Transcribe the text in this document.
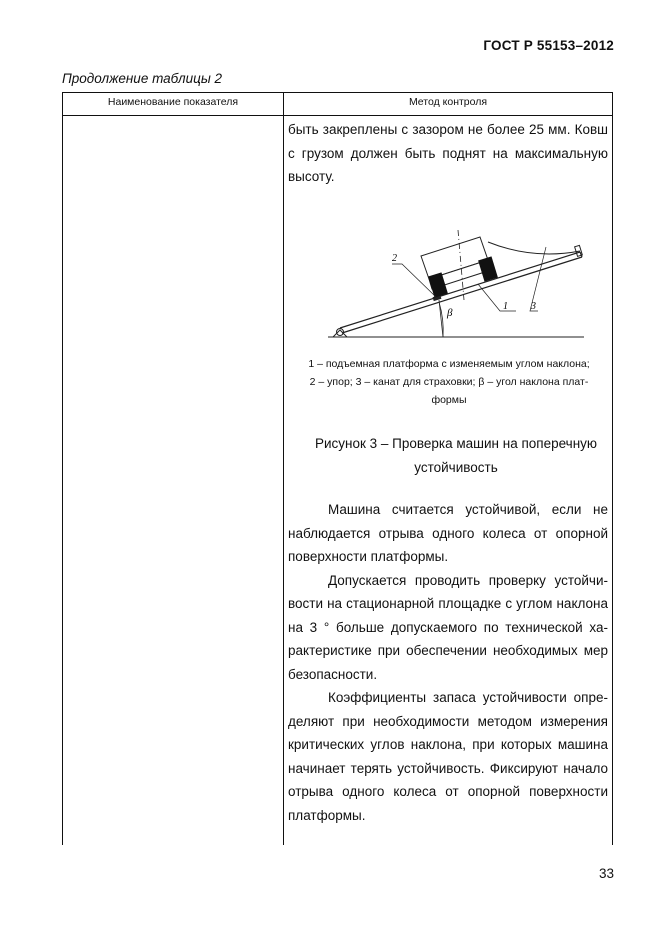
ГОСТ Р 55153–2012
Продолжение таблицы 2
Наименование показателя	Метод контроля

быть закреплены с зазором не более 25 мм. Ковш с грузом должен быть поднят на максимальную высоту.

2
β
1 3
1 – подъемная платформа с изменяемым углом наклона;
2 – упор; 3 – канат для страховки; β – угол наклона плат-
формы
Рисунок 3 – Проверка машин на поперечную устойчивость

Машина считается устойчивой, если не наблюдается отрыва одного колеса от опорной поверхности платформы.

Допускается проводить проверку устойчи-вости на стационарной площадке с углом наклона на 3 ° больше допускаемого по технической ха-рактеристике при обеспечении необходимых мер безопасности.

Коэффициенты запаса устойчивости опре-деляют при необходимости методом измерения критических углов наклона, при которых машина начинает терять устойчивость. Фиксируют начало отрыва одного колеса от опорной поверхности платформы.

33
